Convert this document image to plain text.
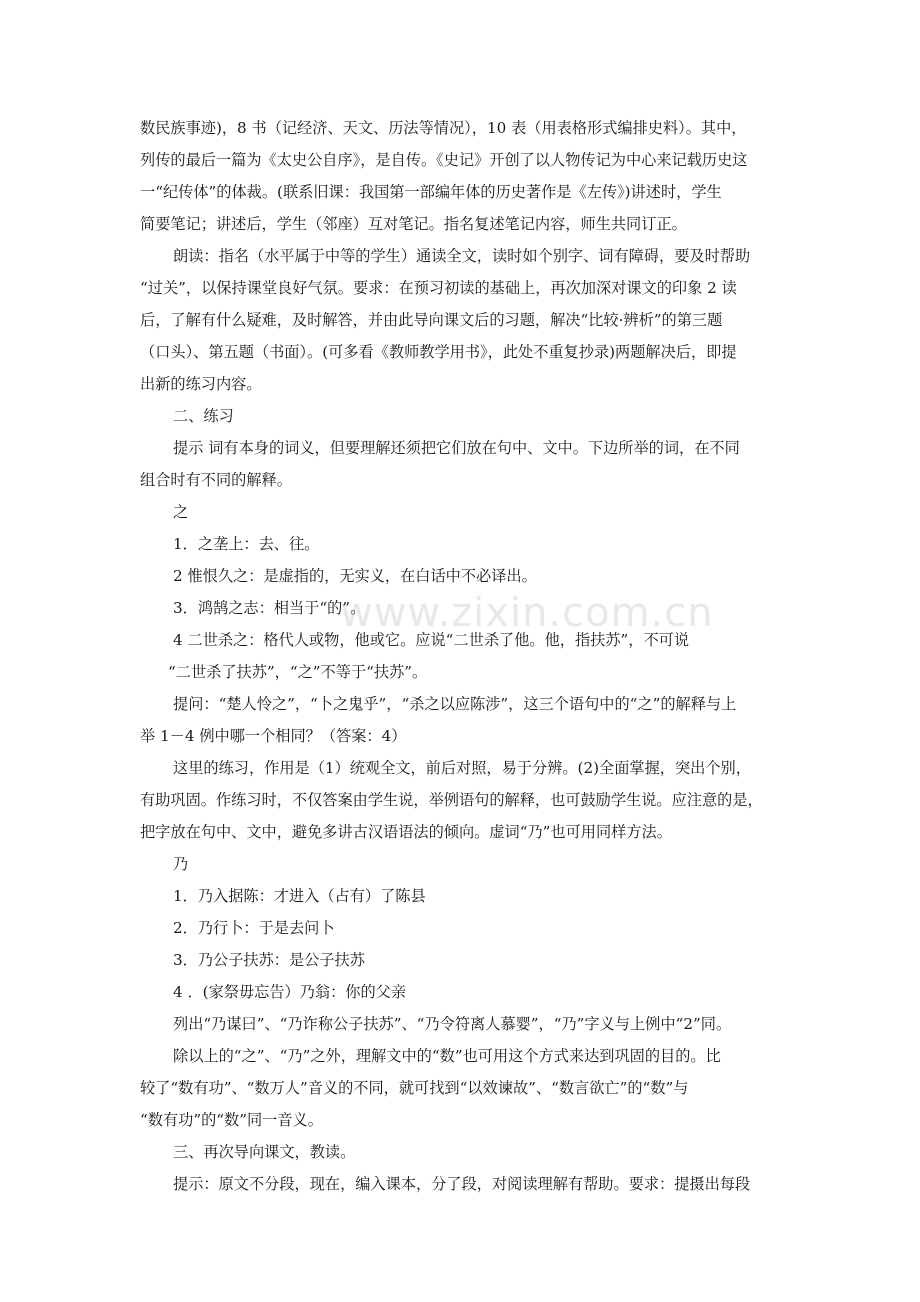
www.zixin.com.cn
数民族事迹)，8 书（记经济、天文、历法等情况），10 表（用表格形式编排史料）。其中，
列传的最后一篇为《太史公自序》，是自传。《史记》开创了以人物传记为中心来记载历史这
一“纪传体”的体裁。(联系旧课：我国第一部编年体的历史著作是《左传》)讲述时，学生
简要笔记；讲述后，学生（邻座）互对笔记。指名复述笔记内容，师生共同订正。
朗读：指名（水平属于中等的学生）通读全文，读时如个别字、词有障碍，要及时帮助
“过关”，以保持课堂良好气氛。要求：在预习初读的基础上，再次加深对课文的印象 2 读
后，了解有什么疑难，及时解答，并由此导向课文后的习题，解决“比较·辨析”的第三题
（口头）、第五题（书面）。(可多看《教师教学用书》，此处不重复抄录)两题解决后，即提
出新的练习内容。
二、练习
提示 词有本身的词义，但要理解还须把它们放在句中、文中。下边所举的词，在不同
组合时有不同的解释。
之
1．之垄上：去、往。
2 惟恨久之：是虚指的，无实义，在白话中不必译出。
3．鸿鹄之志：相当于“的”。
4 二世杀之：格代人或物，他或它。应说“二世杀了他。他，指扶苏”，不可说
“二世杀了扶苏”，“之”不等于“扶苏”。
提问：“楚人怜之”，“卜之鬼乎”，“杀之以应陈涉”，这三个语句中的“之”的解释与上
举 1－4 例中哪一个相同？（答案：4）
这里的练习，作用是（1）统观全文，前后对照，易于分辨。(2)全面掌握，突出个别，
有助巩固。作练习时，不仅答案由学生说，举例语句的解释，也可鼓励学生说。应注意的是，
把字放在句中、文中，避免多讲古汉语语法的倾向。虚词“乃”也可用同样方法。
乃
1．乃入据陈：才进入（占有）了陈县
2．乃行卜：于是去问卜
3．乃公子扶苏：是公子扶苏
4 ．(家祭毋忘告）乃翁：你的父亲
列出“乃谋曰”、“乃诈称公子扶苏”、“乃令符离人慕婴”，“乃”字义与上例中“2”同。
除以上的“之”、“乃”之外，理解文中的“数”也可用这个方式来达到巩固的目的。比
较了“数有功”、“数万人”音义的不同，就可找到“以效谏故”、“数言欲亡”的“数”与
“数有功”的“数”同一音义。
三、再次导向课文，教读。
提示：原文不分段，现在，编入课本，分了段，对阅读理解有帮助。要求：提摄出每段
